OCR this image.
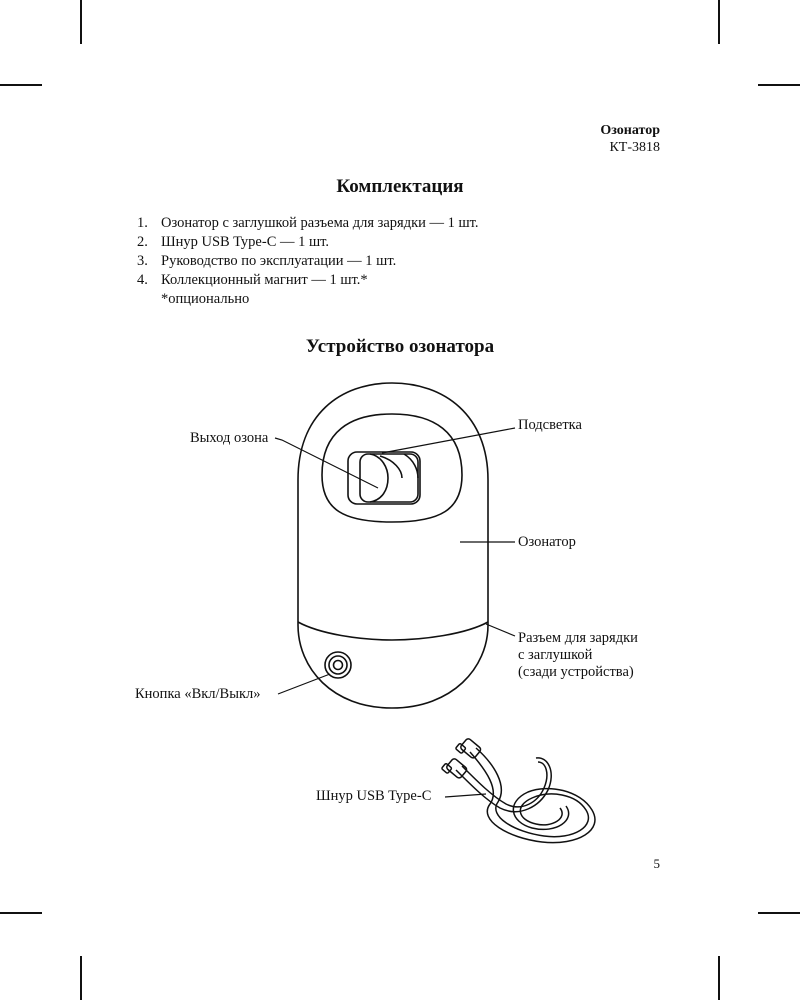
Озонатор
КТ-3818
Комплектация
1. Озонатор с заглушкой разъема для зарядки — 1 шт.
2. Шнур USB Type-C — 1 шт.
3. Руководство по эксплуатации — 1 шт.
4. Коллекционный магнит — 1 шт.*
*опционально
Устройство озонатора
Выход озона
Подсветка
Озонатор
Разъем для зарядки
с заглушкой
(сзади устройства)
Кнопка «Вкл/Выкл»
Шнур USB Type-C
5
